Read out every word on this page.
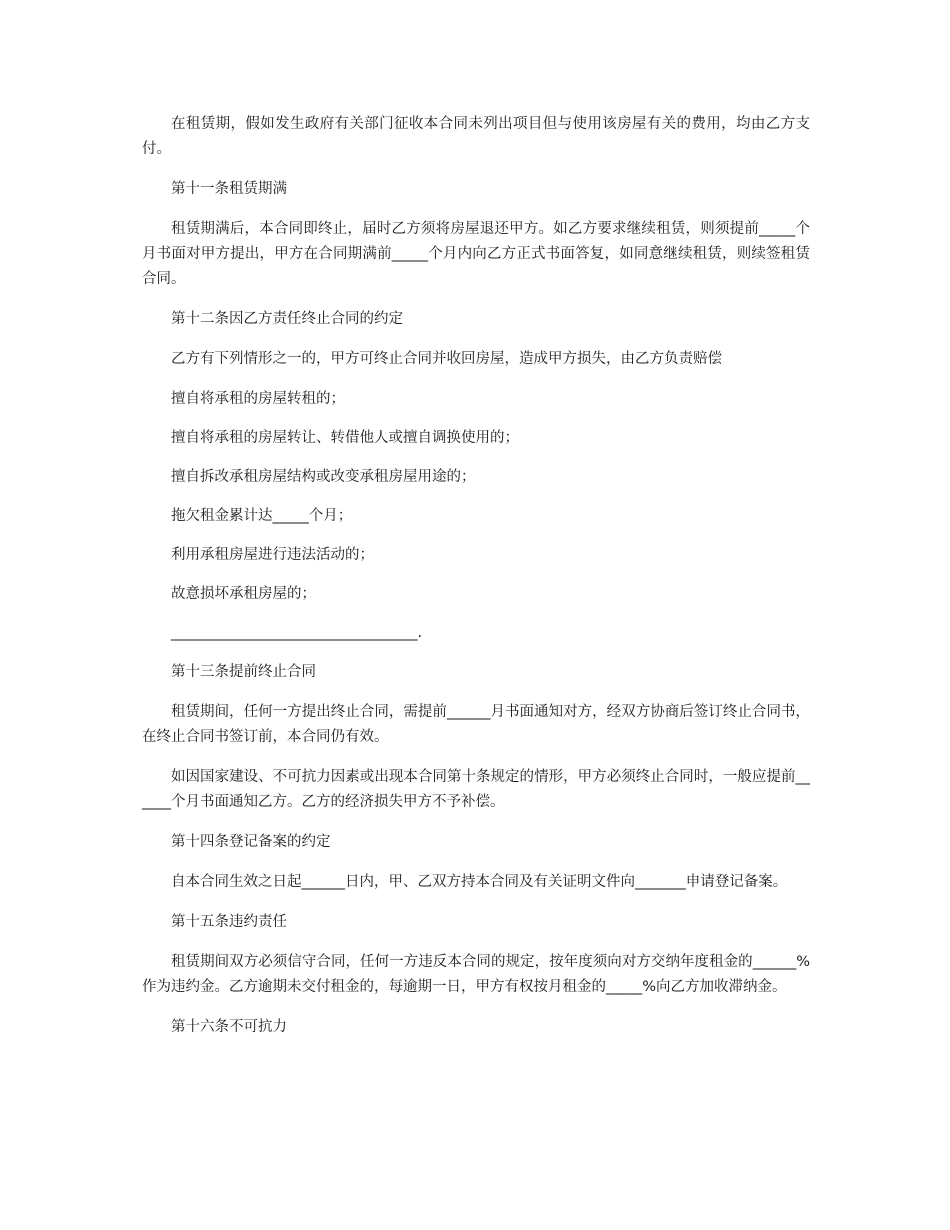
在租赁期，假如发生政府有关部门征收本合同未列出项目但与使用该房屋有关的费用，均由乙方支付。

第十一条租赁期满

租赁期满后，本合同即终止，届时乙方须将房屋退还甲方。如乙方要求继续租赁，则须提前_____个月书面对甲方提出，甲方在合同期满前_____个月内向乙方正式书面答复，如同意继续租赁，则续签租赁合同。

第十二条因乙方责任终止合同的约定

乙方有下列情形之一的，甲方可终止合同并收回房屋，造成甲方损失，由乙方负责赔偿

擅自将承租的房屋转租的；

擅自将承租的房屋转让、转借他人或擅自调换使用的；

擅自拆改承租房屋结构或改变承租房屋用途的；

拖欠租金累计达_____个月；

利用承租房屋进行违法活动的；

故意损坏承租房屋的；

__________________________________.

第十三条提前终止合同

租赁期间，任何一方提出终止合同，需提前______月书面通知对方，经双方协商后签订终止合同书，在终止合同书签订前，本合同仍有效。

如因国家建设、不可抗力因素或出现本合同第十条规定的情形，甲方必须终止合同时，一般应提前______个月书面通知乙方。乙方的经济损失甲方不予补偿。

第十四条登记备案的约定

自本合同生效之日起______日内，甲、乙双方持本合同及有关证明文件向_______申请登记备案。

第十五条违约责任

租赁期间双方必须信守合同，任何一方违反本合同的规定，按年度须向对方交纳年度租金的______%作为违约金。乙方逾期未交付租金的，每逾期一日，甲方有权按月租金的_____%向乙方加收滞纳金。

第十六条不可抗力
